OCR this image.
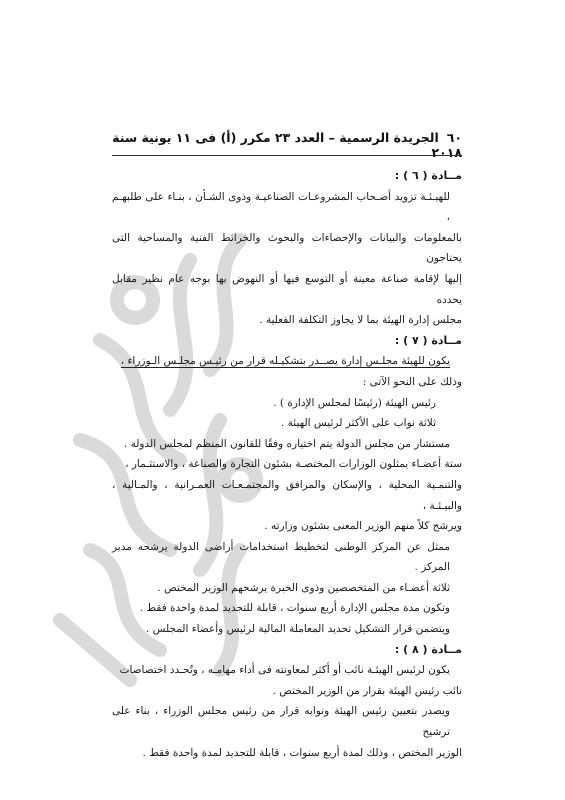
٦٠
الجريدة الرسمية – العدد ٢٣ مكرر (أ) فى ١١ يونية سنة ٢٠١٨

مــادة ( ٦ ) :

للهيـئـة تزويد أصـحاب المشروعـات الصناعيـة وذوى الشـأن ، بنـاء على طلبهـم ،

بالمعلومات والبيانات والإحصاءات والبحوث والخرائط الفنية والمساحية التى يحتاجون

إليها لإقامة صناعة معينة أو التوسع فيها أو النهوض بها بوجه عام نظير مقابل يحدده

مجلس إدارة الهيئة بما لا يجاوز التكلفة الفعلية .

مــادة ( ٧ ) :

يكون للهيئة مجلـس إدارة يصــدر بتشكيـله قرار من رئيـس مجلـس الـوزراء ،

وذلك على النحو الآتى :

رئيس الهيئة (رئيسًا لمجلس الإدارة ) .

ثلاثة نواب على الأكثر لرئيس الهيئة .

مستشار من مجلس الدولة يتم اختياره وفقًا للقانون المنظم لمجلس الدولة .

ستة أعضـاء يمثلون الوزارات المختصـة بشئون التجارة والصناعة ، والاستثـمار ،

والتنمـية المحلية ، والإسكان والمرافق والمجتمـعـات العمـرانية ، والمـالية ، والبيـئـة ،

ويرشح كلاً منهم الوزير المعنى بشئون وزارته .

ممثل عن المركز الوطنى لتخطيط استخدامات أراضى الدولة يرشحه مدير المركز .

ثلاثة أعضـاء من المتخصصين وذوى الخبرة يرشحهم الوزير المختص .

وتكون مدة مجلس الإدارة أربع سنوات ، قابلة للتجديد لمدة واحدة فقط .

ويتضمن قرار التشكيل تحديد المعاملة المالية لرئيس وأعضاء المجلس .

مــادة ( ٨ ) :

يكون لرئيس الهيئـة نائب أو أكثر لمعاونته فى أداء مهامـه ، وتُحـدد اختصاصات

نائب رئيس الهيئة بقرار من الوزير المختص .

ويصدر بتعيين رئيس الهيئة ونوابه قرار من رئيس مجلس الوزراء ، بناء على ترشيح

الوزير المختص ، وذلك لمدة أربع سنوات ، قابلة للتجديد لمدة واحدة فقط .
